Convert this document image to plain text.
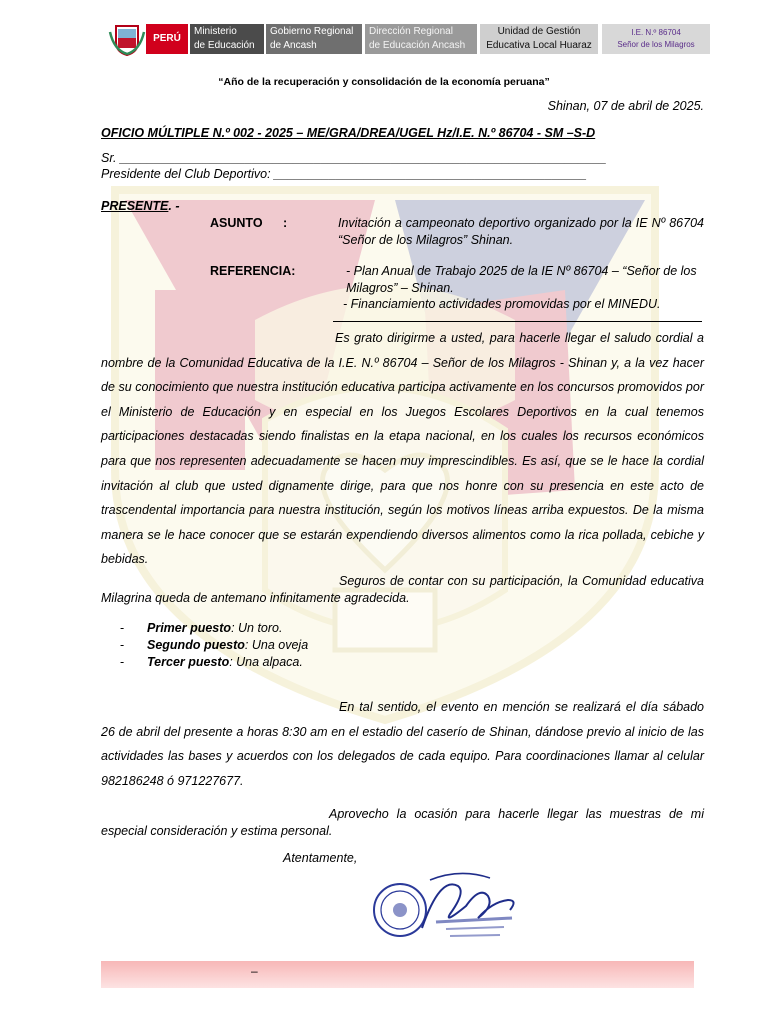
PERÚ
Ministerio
de Educación
Gobierno Regional
de Ancash
Dirección Regional
de Educación Ancash
Unidad de Gestión
Educativa Local Huaraz
I.E. N.º 86704
Señor de los Milagros
“Año de la recuperación y consolidación de la economía peruana”
Shinan, 07 de abril de 2025.
OFICIO MÚLTIPLE N.º 002 - 2025 – ME/GRA/DREA/UGEL Hz/I.E. N.º 86704 - SM –S-D
Sr. ______________________________________________________________________
Presidente del Club Deportivo: _____________________________________________
PRESENTE. -
ASUNTO :	Invitación a campeonato deportivo organizado por la IE Nº 86704 “Señor de los Milagros” Shinan.
REFERENCIA:	- Plan Anual de Trabajo 2025 de la IE Nº 86704 – “Señor de los Milagros” – Shinan.
- Financiamiento actividades promovidas por el MINEDU.
Es grato dirigirme a usted, para hacerle llegar el saludo cordial a nombre de la Comunidad Educativa de la I.E. N.º 86704 – Señor de los Milagros - Shinan y, a la vez hacer de su conocimiento que nuestra institución educativa participa activamente en los concursos promovidos por el Ministerio de Educación y en especial en los Juegos Escolares Deportivos en la cual tenemos participaciones destacadas siendo finalistas en la etapa nacional, en los cuales los recursos económicos para que nos representen adecuadamente se hacen muy imprescindibles. Es así, que se le hace la cordial invitación al club que usted dignamente dirige, para que nos honre con su presencia en este acto de trascendental importancia para nuestra institución, según los motivos líneas arriba expuestos. De la misma manera se le hace conocer que se estarán expendiendo diversos alimentos como la rica pollada, cebiche y bebidas.
Seguros de contar con su participación, la Comunidad educativa Milagrina queda de antemano infinitamente agradecida.
- Primer puesto: Un toro.
- Segundo puesto: Una oveja
- Tercer puesto: Una alpaca.
En tal sentido, el evento en mención se realizará el día sábado 26 de abril del presente a horas 8:30 am en el estadio del caserío de Shinan, dándose previo al inicio de las actividades las bases y acuerdos con los delegados de cada equipo. Para coordinaciones llamar al celular 982186248 ó 971227677.
Aprovecho la ocasión para hacerle llegar las muestras de mi especial consideración y estima personal.
Atentamente,
–
